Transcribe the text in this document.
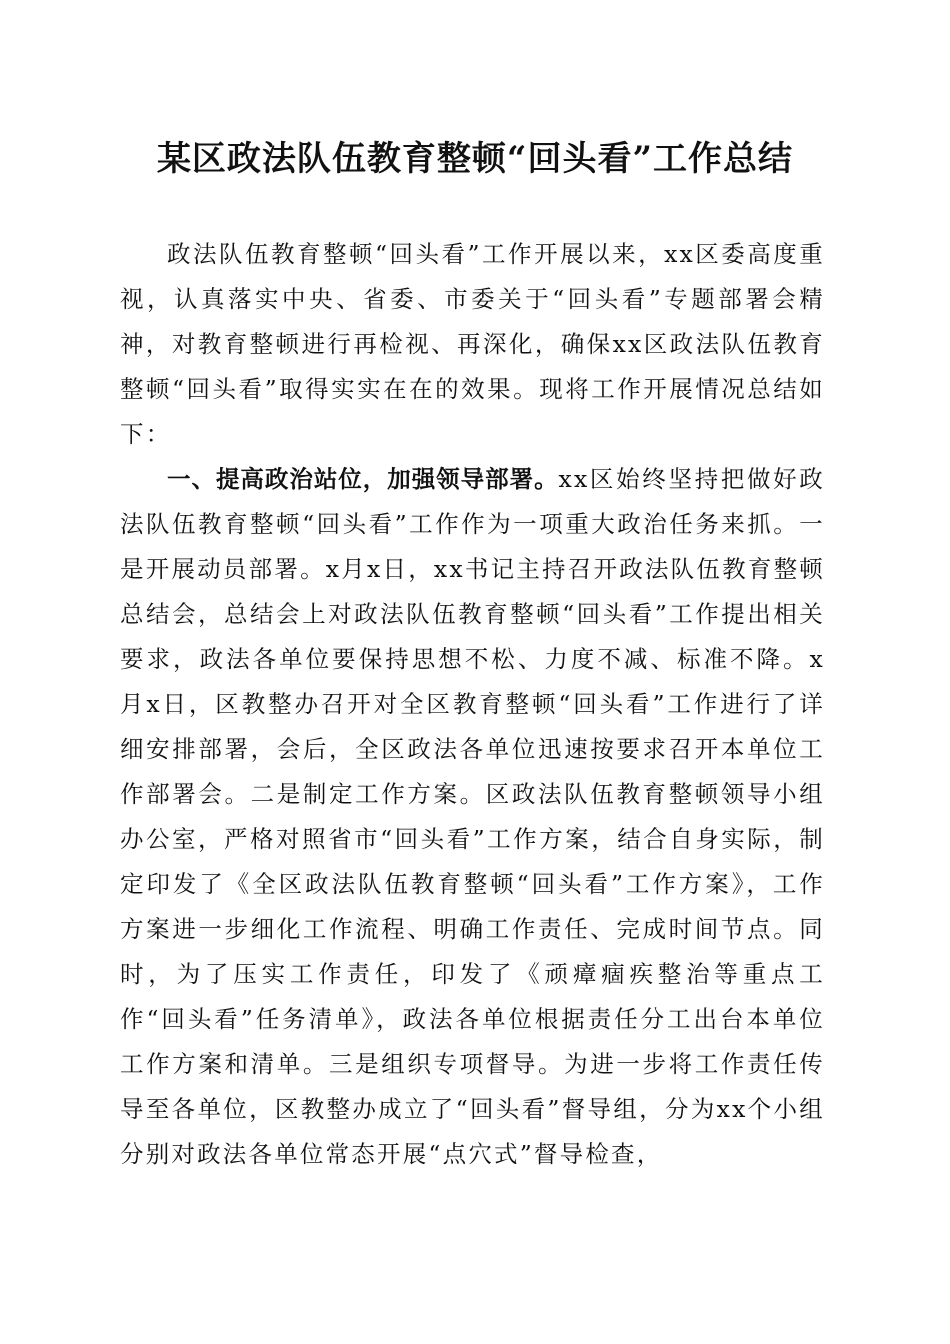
某区政法队伍教育整顿“回头看”工作总结

政法队伍教育整顿“回头看”工作开展以来，xx区委高度重视，认真落实中央、省委、市委关于“回头看”专题部署会精神，对教育整顿进行再检视、再深化，确保xx区政法队伍教育整顿“回头看”取得实实在在的效果。现将工作开展情况总结如下：

一、提高政治站位，加强领导部署。xx区始终坚持把做好政法队伍教育整顿“回头看”工作作为一项重大政治任务来抓。一是开展动员部署。x月x日，xx书记主持召开政法队伍教育整顿总结会，总结会上对政法队伍教育整顿“回头看”工作提出相关要求，政法各单位要保持思想不松、力度不减、标准不降。x月x日，区教整办召开对全区教育整顿“回头看”工作进行了详细安排部署，会后，全区政法各单位迅速按要求召开本单位工作部署会。二是制定工作方案。区政法队伍教育整顿领导小组办公室，严格对照省市“回头看”工作方案，结合自身实际，制定印发了《全区政法队伍教育整顿“回头看”工作方案》，工作方案进一步细化工作流程、明确工作责任、完成时间节点。同时，为了压实工作责任，印发了《顽瘴痼疾整治等重点工作“回头看”任务清单》，政法各单位根据责任分工出台本单位工作方案和清单。三是组织专项督导。为进一步将工作责任传导至各单位，区教整办成立了“回头看”督导组，分为xx个小组分别对政法各单位常态开展“点穴式”督导检查，
